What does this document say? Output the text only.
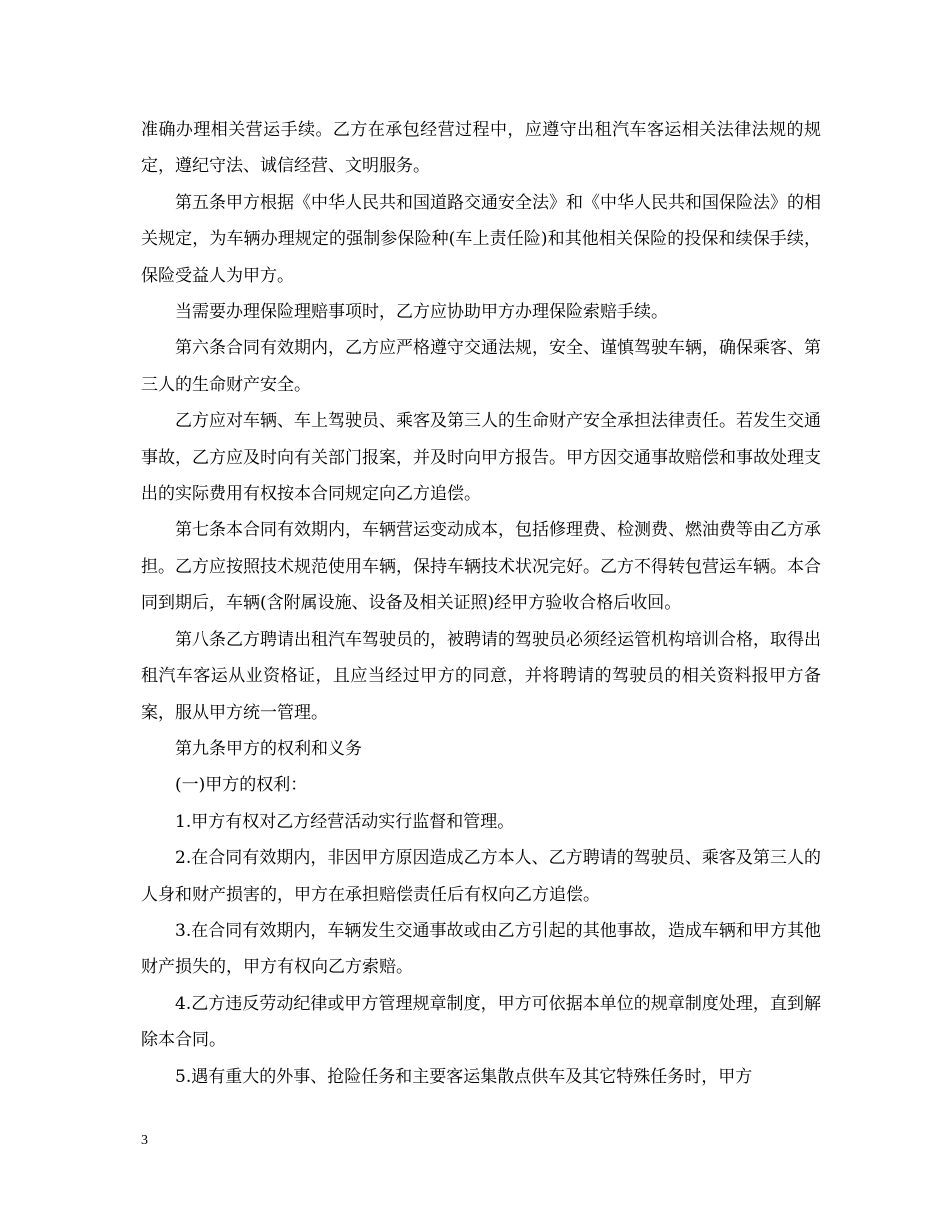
准确办理相关营运手续。乙方在承包经营过程中，应遵守出租汽车客运相关法律法规的规定，遵纪守法、诚信经营、文明服务。

第五条甲方根据《中华人民共和国道路交通安全法》和《中华人民共和国保险法》的相关规定，为车辆办理规定的强制参保险种(车上责任险)和其他相关保险的投保和续保手续，保险受益人为甲方。

当需要办理保险理赔事项时，乙方应协助甲方办理保险索赔手续。

第六条合同有效期内，乙方应严格遵守交通法规，安全、谨慎驾驶车辆，确保乘客、第三人的生命财产安全。

乙方应对车辆、车上驾驶员、乘客及第三人的生命财产安全承担法律责任。若发生交通事故，乙方应及时向有关部门报案，并及时向甲方报告。甲方因交通事故赔偿和事故处理支出的实际费用有权按本合同规定向乙方追偿。

第七条本合同有效期内，车辆营运变动成本，包括修理费、检测费、燃油费等由乙方承担。乙方应按照技术规范使用车辆，保持车辆技术状况完好。乙方不得转包营运车辆。本合同到期后，车辆(含附属设施、设备及相关证照)经甲方验收合格后收回。

第八条乙方聘请出租汽车驾驶员的，被聘请的驾驶员必须经运管机构培训合格，取得出租汽车客运从业资格证，且应当经过甲方的同意，并将聘请的驾驶员的相关资料报甲方备案，服从甲方统一管理。

第九条甲方的权利和义务

(一)甲方的权利：

1.甲方有权对乙方经营活动实行监督和管理。

2.在合同有效期内，非因甲方原因造成乙方本人、乙方聘请的驾驶员、乘客及第三人的人身和财产损害的，甲方在承担赔偿责任后有权向乙方追偿。

3.在合同有效期内，车辆发生交通事故或由乙方引起的其他事故，造成车辆和甲方其他财产损失的，甲方有权向乙方索赔。

4.乙方违反劳动纪律或甲方管理规章制度，甲方可依据本单位的规章制度处理，直到解除本合同。

5.遇有重大的外事、抢险任务和主要客运集散点供车及其它特殊任务时，甲方

3
